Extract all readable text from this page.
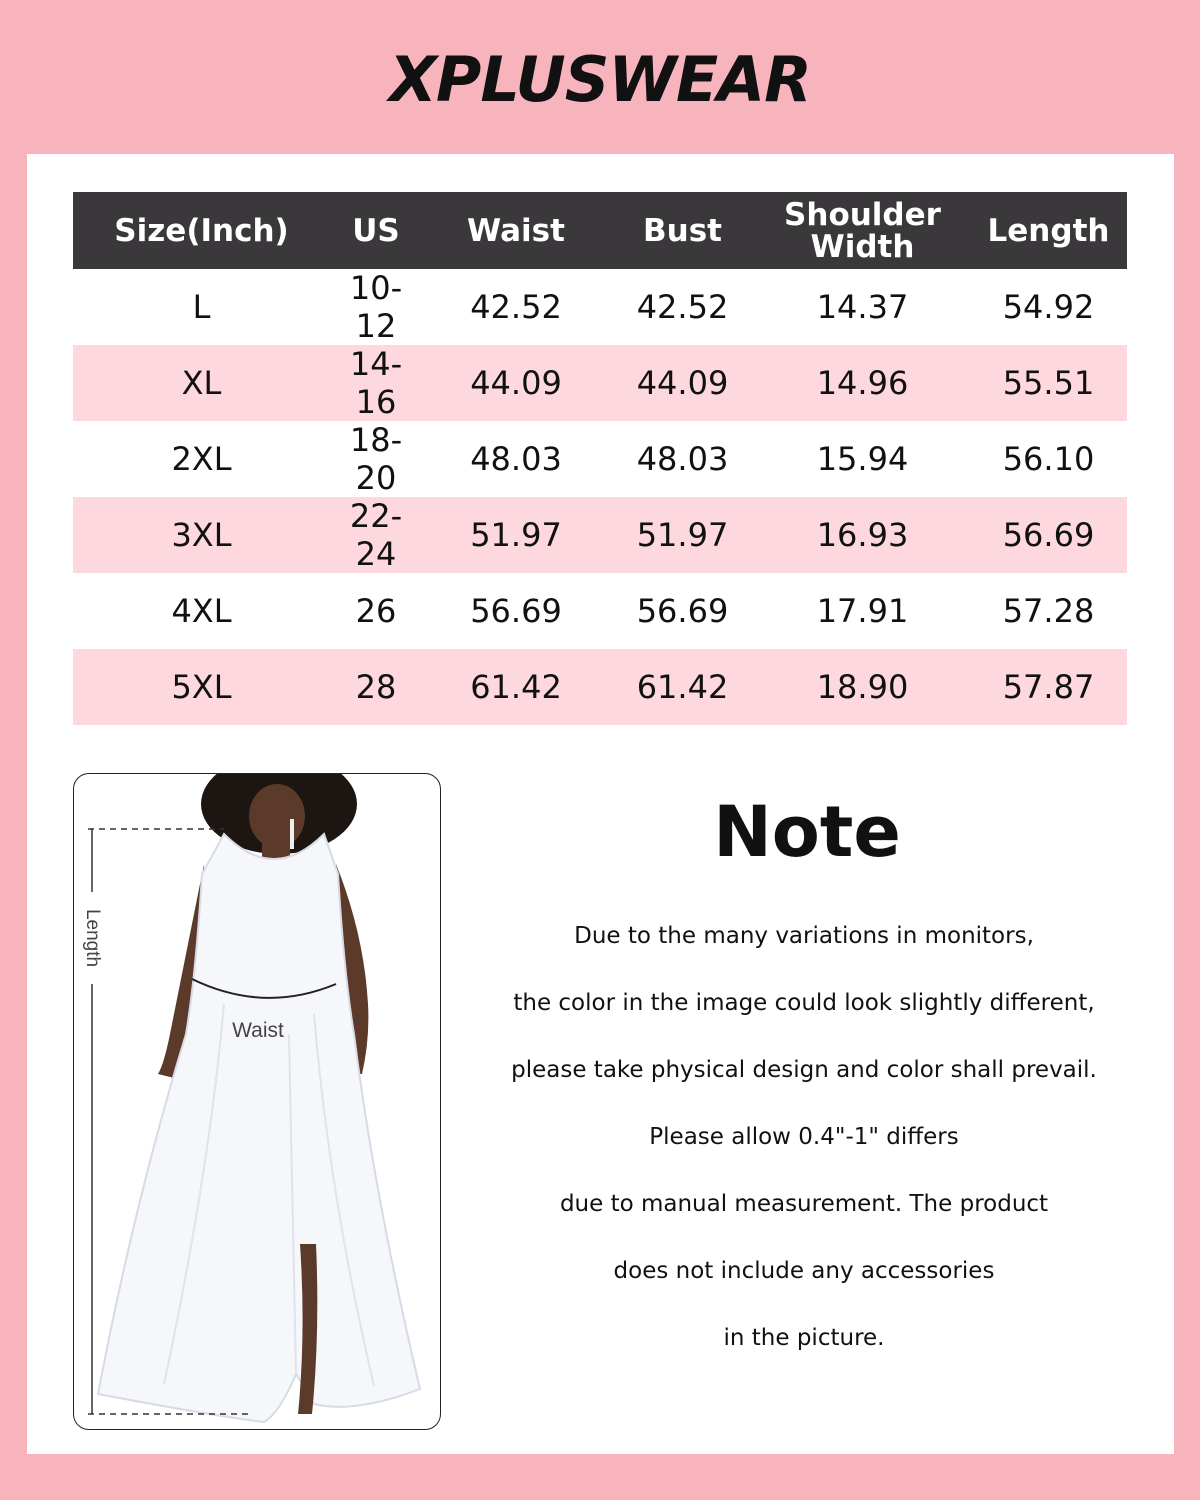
XPLUSWEAR
Size(Inch)	US	Waist	Bust	Shoulder Width	Length
L	10-12	42.52	42.52	14.37	54.92
XL	14-16	44.09	44.09	14.96	55.51
2XL	18-20	48.03	48.03	15.94	56.10
3XL	22-24	51.97	51.97	16.93	56.69
4XL	26	56.69	56.69	17.91	57.28
5XL	28	61.42	61.42	18.90	57.87
Length
Waist
Note
Due to the many variations in monitors,
the color in the image could look slightly different,
please take physical design and color shall prevail.
Please allow 0.4"-1" differs
due to manual measurement. The product
does not include any accessories
in the picture.
